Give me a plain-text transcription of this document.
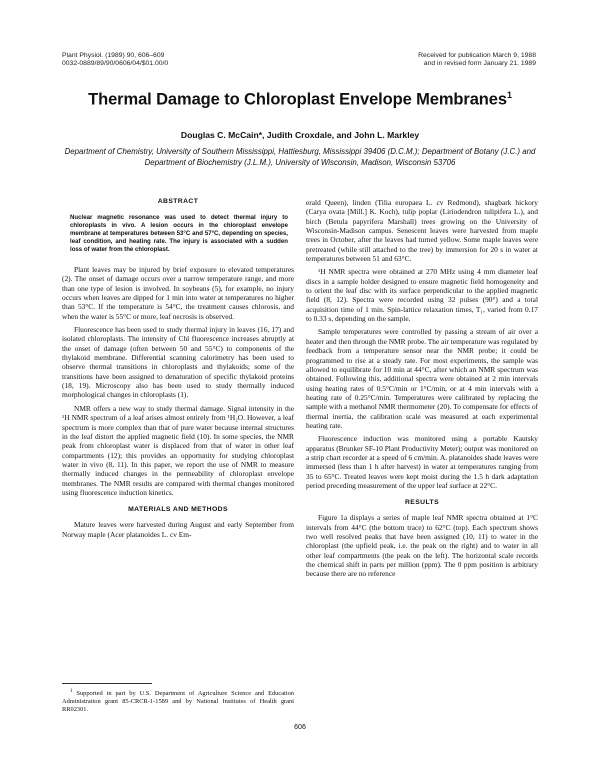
Plant Physiol. (1989) 90, 606–609
0032-0889/89/90/0606/04/$01.00/0
Received for publication March 9, 1988
and in revised form January 21, 1989
Thermal Damage to Chloroplast Envelope Membranes$^1$
Douglas C. McCain*, Judith Croxdale, and John L. Markley
Department of Chemistry, University of Southern Mississippi, Hattiesburg, Mississippi 39406 (D.C.M.); Department of Botany (J.C.) and Department of Biochemistry (J.L.M.), University of Wisconsin, Madison, Wisconsin 53706
ABSTRACT
Nuclear magnetic resonance was used to detect thermal injury to chloroplasts in vivo. A lesion occurs in the chloroplast envelope membrane at temperatures between 53°C and 57°C, depending on species, leaf condition, and heating rate. The injury is associated with a sudden loss of water from the chloroplast.

Plant leaves may be injured by brief exposure to elevated temperatures (2). The onset of damage occurs over a narrow temperature range, and more than one type of lesion is involved. In soybeans (5), for example, no injury occurs when leaves are dipped for 1 min into water at temperatures no higher than 53°C. If the temperature is 54°C, the treatment causes chlorosis, and when the water is 55°C or more, leaf necrosis is observed.

Fluorescence has been used to study thermal injury in leaves (16, 17) and isolated chloroplasts. The intensity of Chl fluorescence increases abruptly at the onset of damage (often between 50 and 55°C) to components of the thylakoid membrane. Differential scanning calorimetry has been used to observe thermal transitions in chloroplasts and thylakoids; some of the transitions have been assigned to denaturation of specific thylakoid proteins (18, 19). Microscopy also has been used to study thermally induced morphological changes in chloroplasts (1).

NMR offers a new way to study thermal damage. Signal intensity in the ¹H NMR spectrum of a leaf arises almost entirely from ¹H₂O. However, a leaf spectrum is more complex than that of pure water because internal structures in the leaf distort the applied magnetic field (10). In some species, the NMR peak from chloroplast water is displaced from that of water in other leaf compartments (12); this provides an opportunity for studying chloroplast water in vivo (8, 11). In this paper, we report the use of NMR to measure thermally induced changes in the permeability of chloroplast envelope membranes. The NMR results are compared with thermal changes monitored using fluorescence induction kinetics.

MATERIALS AND METHODS

Mature leaves were harvested during August and early September from Norway maple (Acer platanoides L. cv Em-

$^1$ Supported in part by U.S. Department of Agriculture Science and Education Administration grant 85-CRCR-1-1589 and by National Institutes of Health grant RR02301.

erald Queen), linden (Tilia europaea L. cv Redmond), shagbark hickory (Carya ovata [Mill.] K. Koch), tulip poplar (Liriodendron tulipifera L.), and birch (Betula papyrifera Marshall) trees growing on the University of Wisconsin-Madison campus. Senescent leaves were harvested from maple trees in October, after the leaves had turned yellow. Some maple leaves were pretreated (while still attached to the tree) by immersion for 20 s in water at temperatures between 51 and 63°C.

¹H NMR spectra were obtained at 270 MHz using 4 mm diameter leaf discs in a sample holder designed to ensure magnetic field homogeneity and to orient the leaf disc with its surface perpendicular to the applied magnetic field (8, 12). Spectra were recorded using 32 pulses (90°) and a total acquisition time of 1 min. Spin-lattice relaxation times, T₁, varied from 0.17 to 0.33 s, depending on the sample.

Sample temperatures were controlled by passing a stream of air over a heater and then through the NMR probe. The air temperature was regulated by feedback from a temperature sensor near the NMR probe; it could be programmed to rise at a steady rate. For most experiments, the sample was allowed to equilibrate for 10 min at 44°C, after which an NMR spectrum was obtained. Following this, additional spectra were obtained at 2 min intervals using heating rates of 0.5°C/min or 1°C/min, or at 4 min intervals with a heating rate of 0.25°C/min. Temperatures were calibrated by replacing the sample with a methanol NMR thermometer (20). To compensate for effects of thermal inertia, the calibration scale was measured at each experimental heating rate.

Fluorescence induction was monitored using a portable Kautsky apparatus (Brunker SF-10 Plant Productivity Meter); output was monitored on a strip chart recorder at a speed of 6 cm/min. A. platanoides shade leaves were immersed (less than 1 h after harvest) in water at temperatures ranging from 35 to 65°C. Treated leaves were kept moist during the 1.5 h dark adaptation period preceding measurement of the upper leaf surface at 22°C.

RESULTS

Figure 1a displays a series of maple leaf NMR spectra obtained at 1°C intervals from 44°C (the bottom trace) to 62°C (top). Each spectrum shows two well resolved peaks that have been assigned (10, 11) to water in the chloroplast (the upfield peak, i.e. the peak on the right) and to water in all other leaf compartments (the peak on the left). The horizontal scale records the chemical shift in parts per million (ppm). The 0 ppm position is arbitrary because there are no reference

606
